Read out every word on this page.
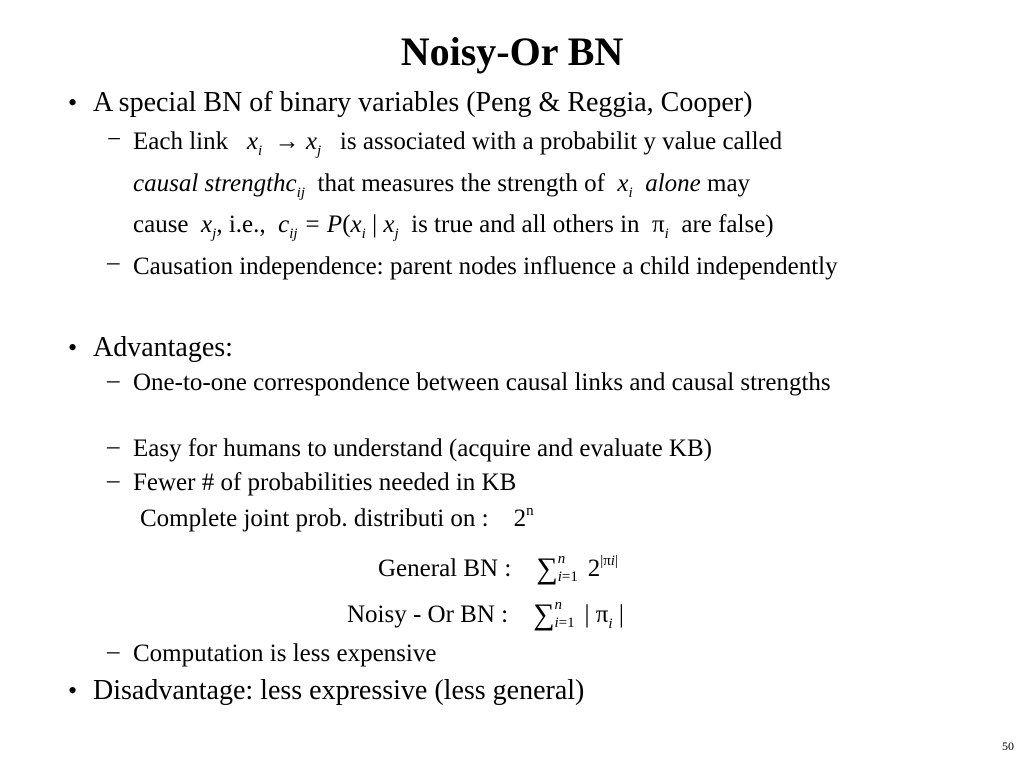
Noisy-Or BN
• A special BN of binary variables (Peng & Reggia, Cooper)
− Each link $x_i \to x_j$ is associated with a probabilit y value called
causal strengthc$_{ij}$ that measures the strength of $x_i$ alone may
cause $x_j$, i.e., $c_{ij} = P(x_i$ | $x_j$ is true and all others in $\pi_i$ are false)
– Causation independence: parent nodes influence a child independently
• Advantages:
– One-to-one correspondence between causal links and causal strengths
– Easy for humans to understand (acquire and evaluate KB)
– Fewer # of probabilities needed in KB
Complete joint prob. distributi on : 2$^n$
General BN : ∑ n
i=1 $2^{|\pi i|}$
Noisy - Or BN : ∑ n
i=1 | $\pi_i$ |
– Computation is less expensive
• Disadvantage: less expressive (less general)
50
